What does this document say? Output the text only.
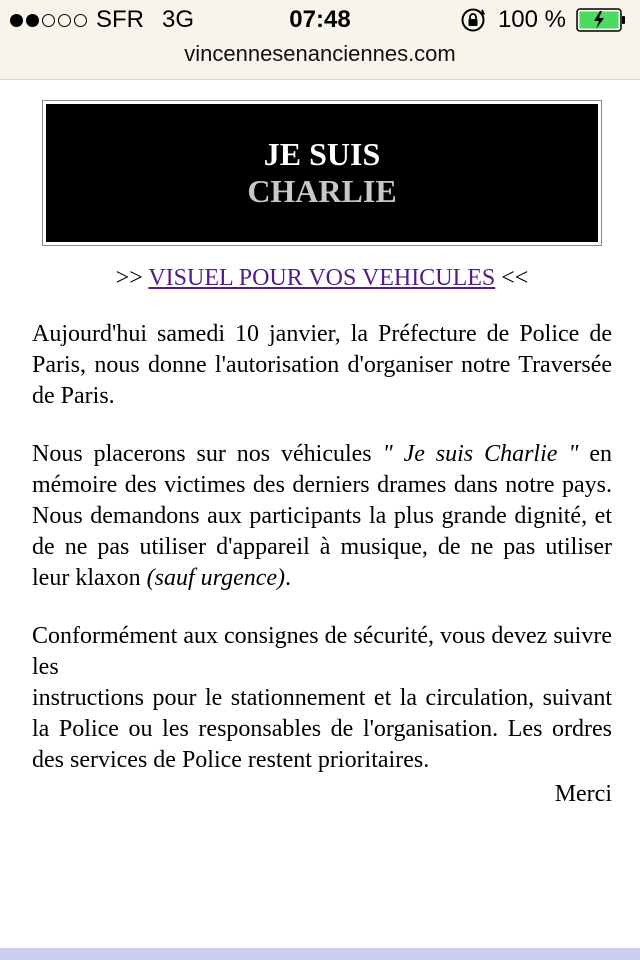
SFR 3G	07:48	100 %
vincennesenanciennes.com
JE SUIS
CHARLIE
>> VISUEL POUR VOS VEHICULES <<

Aujourd'hui samedi 10 janvier, la Préfecture de Police de Paris, nous donne l'autorisation d'organiser notre Traversée de Paris.

Nous placerons sur nos véhicules " Je suis Charlie " en mémoire des victimes des derniers drames dans notre pays. Nous demandons aux participants la plus grande dignité, et de ne pas utiliser d'appareil à musique, de ne pas utiliser leur klaxon (sauf urgence).

Conformément aux consignes de sécurité, vous devez suivre les
instructions pour le stationnement et la circulation, suivant la Police ou les responsables de l'organisation. Les ordres des services de Police restent prioritaires.

Merci
